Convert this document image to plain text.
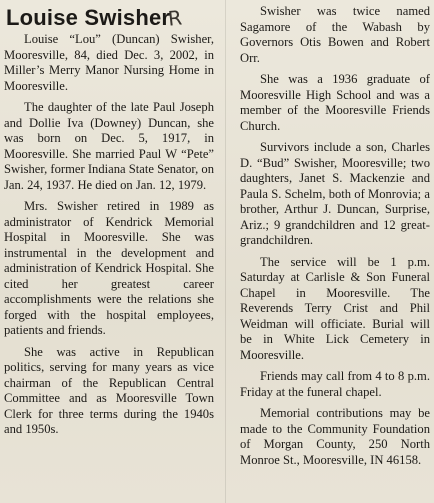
Louise SwisherR

Louise “Lou” (Duncan) Swisher, Mooresville, 84, died Dec. 3, 2002, in Miller’s Merry Manor Nursing Home in Mooresville.

The daughter of the late Paul Joseph and Dollie Iva (Downey) Duncan, she was born on Dec. 5, 1917, in Mooresville. She married Paul W “Pete” Swisher, former Indiana State Senator, on Jan. 24, 1937. He died on Jan. 12, 1979.

Mrs. Swisher retired in 1989 as administrator of Kendrick Memorial Hospital in Mooresville. She was instrumental in the development and administration of Kendrick Hospital. She cited her greatest career accomplishments were the relations she forged with the hospital employees, patients and friends.

She was active in Republican politics, serving for many years as vice chairman of the Republican Central Committee and as Mooresville Town Clerk for three terms during the 1940s and 1950s.

Swisher was twice named Sagamore of the Wabash by Governors Otis Bowen and Robert Orr.

She was a 1936 graduate of Mooresville High School and was a member of the Mooresville Friends Church.

Survivors include a son, Charles D. “Bud” Swisher, Mooresville; two daughters, Janet S. Mackenzie and Paula S. Schelm, both of Monrovia; a brother, Arthur J. Duncan, Surprise, Ariz.; 9 grandchildren and 12 great-grandchildren.

The service will be 1 p.m. Saturday at Carlisle & Son Funeral Chapel in Mooresville. The Reverends Terry Crist and Phil Weidman will officiate. Burial will be in White Lick Cemetery in Mooresville.

Friends may call from 4 to 8 p.m. Friday at the funeral chapel.

Memorial contributions may be made to the Community Foundation of Morgan County, 250 North Monroe St., Mooresville, IN 46158.
